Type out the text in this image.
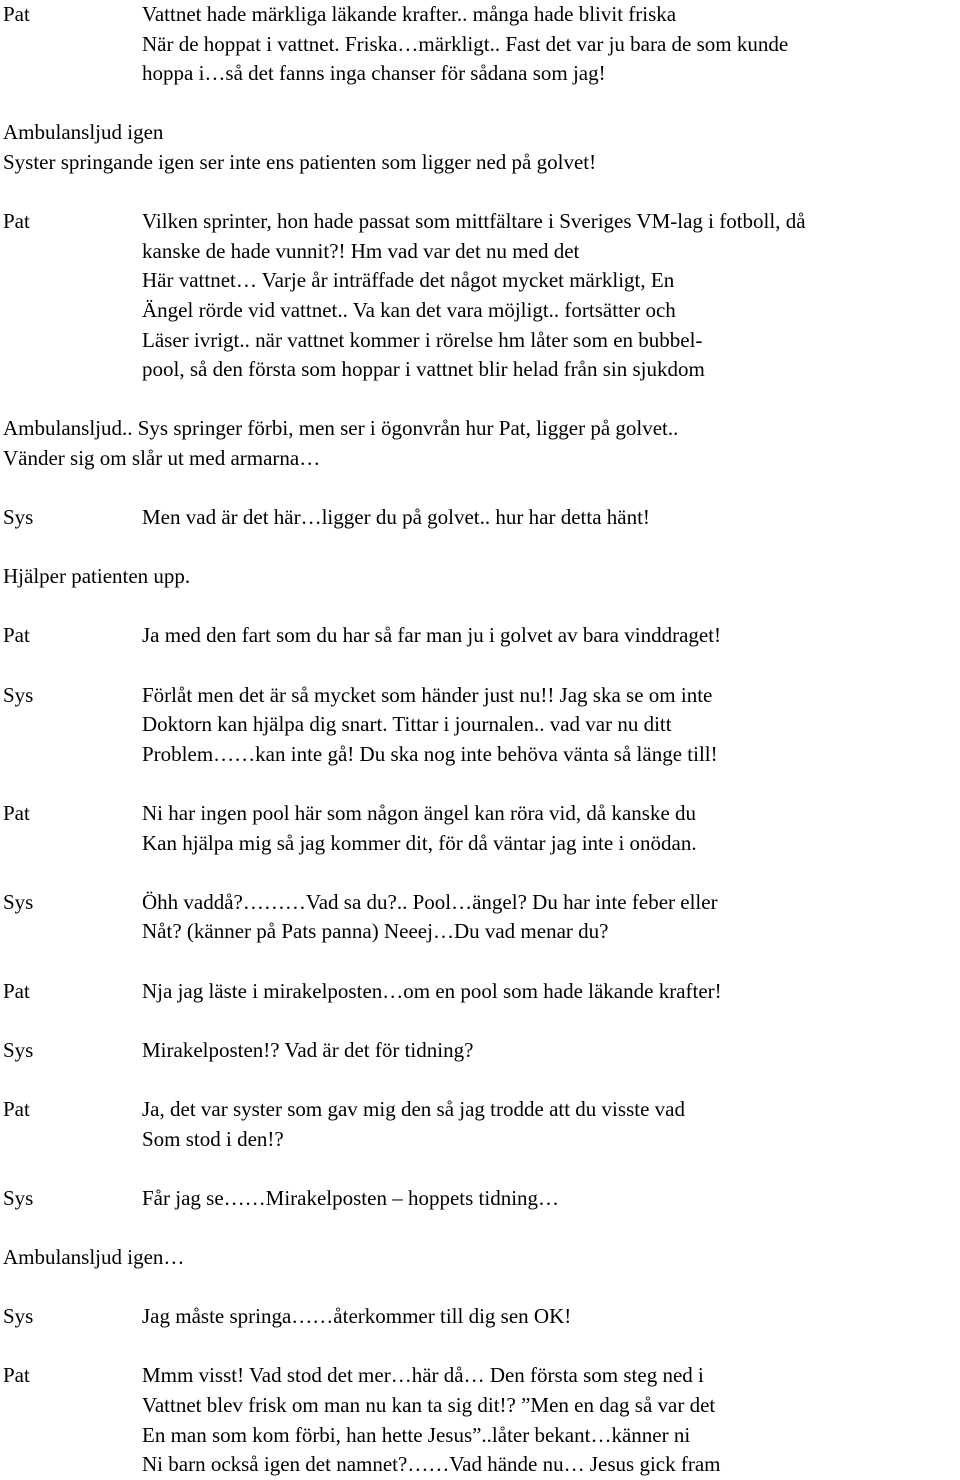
Pat	Vattnet hade märkliga läkande krafter.. många hade blivit friska
När de hoppat i vattnet. Friska…märkligt.. Fast det var ju bara de som kunde
hoppa i…så det fanns inga chanser för sådana som jag!
Ambulansljud igen
Syster springande igen ser inte ens patienten som ligger ned på golvet!
Pat	Vilken sprinter, hon hade passat som mittfältare i Sveriges VM-lag i fotboll, då
kanske de hade vunnit?! Hm vad var det nu med det
Här vattnet… Varje år inträffade det något mycket märkligt, En
Ängel rörde vid vattnet.. Va kan det vara möjligt.. fortsätter och
Läser ivrigt.. när vattnet kommer i rörelse hm låter som en bubbel-
pool, så den första som hoppar i vattnet blir helad från sin sjukdom
Ambulansljud.. Sys springer förbi, men ser i ögonvrån hur Pat, ligger på golvet..
Vänder sig om slår ut med armarna…
Sys	Men vad är det här…ligger du på golvet.. hur har detta hänt!
Hjälper patienten upp.
Pat	Ja med den fart som du har så far man ju i golvet av bara vinddraget!
Sys	Förlåt men det är så mycket som händer just nu!! Jag ska se om inte
Doktorn kan hjälpa dig snart. Tittar i journalen.. vad var nu ditt
Problem……kan inte gå! Du ska nog inte behöva vänta så länge till!
Pat	Ni har ingen pool här som någon ängel kan röra vid, då kanske du
Kan hjälpa mig så jag kommer dit, för då väntar jag inte i onödan.
Sys	Öhh vaddå?………Vad sa du?.. Pool…ängel? Du har inte feber eller
Nåt? (känner på Pats panna) Neeej…Du vad menar du?
Pat	Nja jag läste i mirakelposten…om en pool som hade läkande krafter!
Sys	Mirakelposten!? Vad är det för tidning?
Pat	Ja, det var syster som gav mig den så jag trodde att du visste vad
Som stod i den!?
Sys	Får jag se……Mirakelposten – hoppets tidning…
Ambulansljud igen…
Sys	Jag måste springa……återkommer till dig sen OK!
Pat	Mmm visst! Vad stod det mer…här då… Den första som steg ned i
Vattnet blev frisk om man nu kan ta sig dit!? ”Men en dag så var det
En man som kom förbi, han hette Jesus”..låter bekant…känner ni
Ni barn också igen det namnet?……Vad hände nu… Jesus gick fram
